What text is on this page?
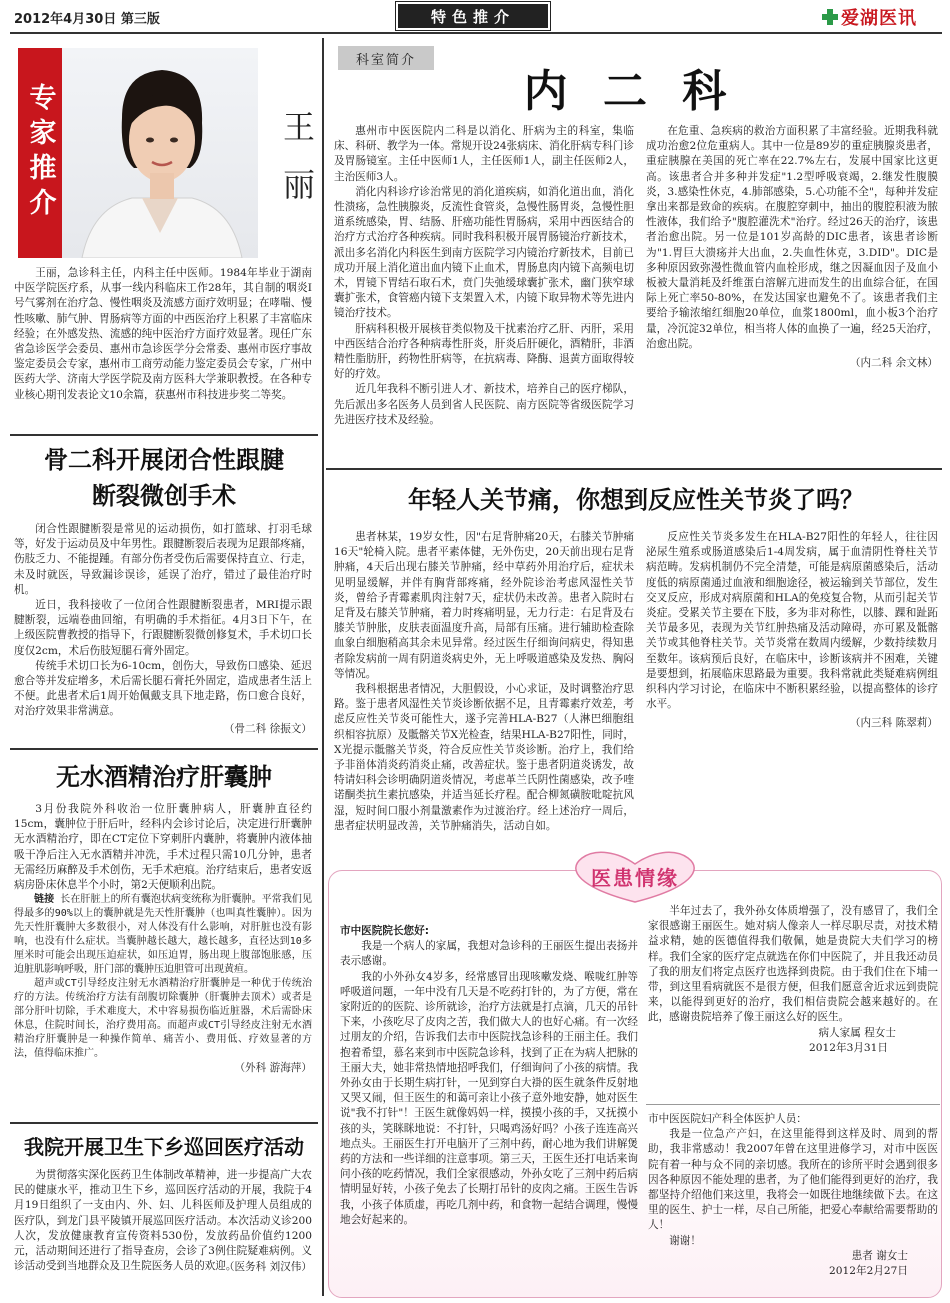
2012年4月30日 第三版	特色推介	爱湖医讯
专家推介	王丽
王丽，急诊科主任，内科主任中医师。1984年毕业于湖南中医学院医疗系，从事一线内科临床工作28年，其自制的咽炎Ⅰ号气雾剂在治疗急、慢性咽炎及流感方面疗效明显；在哮喘、慢性咳嗽、肺气肿、胃肠病等方面的中西医治疗上积累了丰富临床经验；在外感发热、流感的纯中医治疗方面疗效显著。现任广东省急诊医学会委员、惠州市急诊医学分会常委、惠州市医疗事故鉴定委员会专家，惠州市工商劳动能力鉴定委员会专家，广州中医药大学、济南大学医学院及南方医科大学兼职教授。在各种专业核心期刊发表论文10余篇，获惠州市科技进步奖二等奖。
骨二科开展闭合性跟腱
断裂微创手术
闭合性跟腱断裂是常见的运动损伤，如打篮球、打羽毛球等，好发于运动员及中年男性。跟腱断裂后表现为足跟部疼痛，伤肢乏力、不能提踵。有部分伤者受伤后需要保持直立、行走，未及时就医，导致漏诊误诊，延误了治疗，错过了最佳治疗时机。
近日，我科接收了一位闭合性跟腱断裂患者，MRI提示跟腱断裂，远端卷曲回缩，有明确的手术指征。4月3日下午，在上级医院曹教授的指导下，行跟腱断裂微创修复术，手术切口长度仅2cm，术后伤肢短腿石膏外固定。
传统手术切口长为6-10cm，创伤大，导致伤口感染、延迟愈合等并发症增多，术后需长腿石膏托外固定，造成患者生活上不便。此患者术后1周开始佩戴支具下地走路，伤口愈合良好，对治疗效果非常满意。
（骨二科 徐振文）
无水酒精治疗肝囊肿
3月份我院外科收治一位肝囊肿病人，肝囊肿直径约15cm，囊肿位于肝后叶，经科内会诊讨论后，决定进行肝囊肿无水酒精治疗，即在CT定位下穿刺肝内囊肿，将囊肿内液体抽吸干净后注入无水酒精并冲洗，手术过程只需10几分钟，患者无需经历麻醉及手术创伤，无手术疤痕。治疗结束后，患者安返病房卧床休息半个小时，第2天便顺利出院。
链接 长在肝脏上的所有囊泡状病变统称为肝囊肿。平常我们见得最多的90%以上的囊肿就是先天性肝囊肿（也叫真性囊肿）。因为先天性肝囊肿大多数很小，对人体没有什么影响，对肝脏也没有影响，也没有什么症状。当囊肿越长越大，越长越多，直径达到10多厘米时可能会出现压迫症状，如压迫胃，肠出现上腹部饱胀感，压迫脏肌影响呼吸，肝门部的囊肿压迫胆管可出现黄疸。
超声或CT引导经皮注射无水酒精治疗肝囊肿是一种优于传统治疗的方法。传统治疗方法有剖腹切除囊肿（肝囊肿去顶术）或者是部分肝叶切除，手术难度大，术中容易损伤临近脏器，术后需卧床休息，住院时间长，治疗费用高。而超声或CT引导经皮注射无水酒精治疗肝囊肿是一种操作简单、痛苦小、费用低、疗效显著的方法，值得临床推广。
（外科 游海萍）
我院开展卫生下乡巡回医疗活动
为贯彻落实深化医药卫生体制改革精神，进一步提高广大农民的健康水平，推动卫生下乡，巡回医疗活动的开展，我院于4月19日组织了一支由内、外、妇、儿科医师及护理人员组成的医疗队，到龙门县平陵镇开展巡回医疗活动。本次活动义诊200人次，发放健康教育宣传资料530份，发放药品价值约1200元，活动期间还进行了指导查房，会诊了3例住院疑难病例。义诊活动受到当地群众及卫生院医务人员的欢迎。
（医务科 刘汉伟）
科室简介
内 二 科
惠州市中医医院内二科是以消化、肝病为主的科室，集临床、科研、教学为一体。常规开设24张病床、消化肝病专科门诊及胃肠镜室。主任中医师1人，主任医师1人，副主任医师2人，主治医师3人。
消化内科诊疗诊治常见的消化道疾病，如消化道出血，消化性溃疡，急性胰腺炎，反流性食管炎，急慢性肠胃炎，急慢性胆道系统感染，胃、结肠、肝癌功能性胃肠病，采用中西医结合的治疗方式治疗各种疾病。同时我科积极开展胃肠镜治疗新技术，派出多名消化内科医生到南方医院学习内镜治疗新技术，目前已成功开展上消化道出血内镜下止血术，胃肠息肉内镜下高频电切术，胃镜下胃结石取石术，贲门失弛缓球囊扩张术，幽门狭窄球囊扩张术，食管癌内镜下支架置入术，内镜下取异物术等先进内镜治疗技术。
肝病科积极开展核苷类似物及干扰素治疗乙肝、丙肝，采用中西医结合治疗各种病毒性肝炎，肝炎后肝硬化，酒精肝，非酒精性脂肪肝，药物性肝病等，在抗病毒、降酶、退黄方面取得较好的疗效。
近几年我科不断引进人才、新技术，培养自己的医疗梯队，先后派出多名医务人员到省人民医院、南方医院等省级医院学习先进医疗技术及经验。
在危重、急疾病的救治方面积累了丰富经验。近期我科就成功治愈2位危重病人。其中一位是89岁的重症胰腺炎患者，重症胰腺在美国的死亡率在22.7%左右，发展中国家比这更高。该患者合并多种并发症"1.2型呼吸衰竭，2.继发性腹膜炎，3.感染性休克，4.肺部感染，5.心功能不全"，每种并发症拿出来都是致命的疾病。在腹腔穿刺中，抽出的腹腔积液为脓性液体，我们给予"腹腔灌洗术"治疗。经过26天的治疗，该患者治愈出院。另一位是101岁高龄的DIC患者，该患者诊断为"1.胃巨大溃疡并大出血，2.失血性休克，3.DID"。DIC是多种原因致弥漫性微血管内血栓形成，继之因凝血因子及血小板被大量消耗及纤维蛋白溶解亢进而发生的出血综合征，在国际上死亡率50-80%，在发达国家也避免不了。该患者我们主要给予输浓缩红细胞20单位，血浆1800ml，血小板3个治疗量，冷沉淀32单位，相当将人体的血换了一遍，经25天治疗，治愈出院。
（内二科 余文林）
年轻人关节痛，你想到反应性关节炎了吗？
患者林某，19岁女性，因"右足背肿痛20天，右膝关节肿痛16天"轮椅入院。患者平素体健，无外伤史，20天前出现右足背肿痛，4天后出现右膝关节肿痛，经中草药外用治疗后，症状未见明显缓解，并伴有胸背部疼痛，经外院诊治考虑风湿性关节炎，曾给予青霉素肌肉注射7天，症状仍未改善。患者入院时右足背及右膝关节肿痛，着力时疼痛明显，无力行走：右足背及右膝关节肿胀，皮肤表面温度升高，局部有压痛。进行辅助检查除血象白细胞稍高其余未见异常。经过医生仔细询问病史，得知患者除发病前一周有阴道炎病史外，无上呼吸道感染及发热、胸闷等情况。
我科根据患者情况，大胆假设，小心求证，及时调整治疗思路。鉴于患者风湿性关节炎诊断依据不足，且青霉素疗效差，考虑反应性关节炎可能性大，遂予完善HLA-B27（人淋巴细胞组织相容抗原）及骶髂关节X光检查，结果HLA-B27阳性，同时，X光提示骶髂关节炎，符合反应性关节炎诊断。治疗上，我们给予非甾体消炎药消炎止痛，改善症状。鉴于患者阴道炎诱发，故特请妇科会诊明确阴道炎情况，考虑革兰氏阴性菌感染，改予喹诺酮类抗生素抗感染，并适当延长疗程。配合柳氮磺胺吡啶抗风湿，短时间口服小剂量激素作为过渡治疗。经上述治疗一周后，患者症状明显改善，关节肿痛消失，活动自如。
反应性关节炎多发生在HLA-B27阳性的年轻人，往往因泌尿生殖系或肠道感染后1-4周发病，属于血清阴性脊柱关节病范畴。发病机制仍不完全清楚，可能是病原菌感染后，活动度低的病原菌通过血液和细胞途径，被运输到关节部位，发生交叉反应，形成对病原菌和HLA的免疫复合物，从而引起关节炎症。受累关节主要在下肢，多为非对称性，以膝、踝和趾跖关节最多见，表现为关节红肿热痛及活动障碍，亦可累及骶髂关节或其他脊柱关节。关节炎常在数周内缓解，少数持续数月至数年。该病预后良好，在临床中，诊断该病并不困难，关键是要想到，拓展临床思路最为重要。我科常就此类疑难病例组织科内学习讨论，在临床中不断积累经验，以提高整体的诊疗水平。
（内三科 陈翠莉）
医患情缘
市中医院院长您好:
我是一个病人的家属，我想对急诊科的王丽医生提出表扬并表示感谢。
我的小外孙女4岁多，经常感冒出现咳嗽发烧、喉咙红肿等呼吸道问题，一年中没有几天是不吃药打针的，为了方便，常在家附近的的医院、诊所就诊，治疗方法就是打点滴，几天的吊针下来，小孩吃尽了皮肉之苦，我们做大人的也好心痛。有一次经过朋友的介绍，告诉我们去市中医院找急诊科的王丽主任。我们抱着希望，慕名来到市中医院急诊科，找到了正在为病人把脉的王丽大夫，她非常热情地招呼我们，仔细询问了小孩的病情。我外孙女由于长期生病打针，一见到穿白大褂的医生就条件反射地又哭又闹，但王医生的和蔼可亲让小孩子意外地安静，她对医生说"我不打针"！王医生就像妈妈一样，摸摸小孩的手，又抚摸小孩的头，笑眯眯地说：不打针，只喝鸡汤好吗？小孩子连连高兴地点头。王丽医生打开电脑开了三剂中药，耐心地为我们讲解煲药的方法和一些详细的注意事项。第三天，王医生还打电话来询问小孩的吃药情况，我们全家很感动，外孙女吃了三剂中药后病情明显好转，小孩子免去了长期打吊针的皮肉之痛。王医生告诉我，小孩子体质虚，再吃几剂中药，和食物一起结合调理，慢慢地会好起来的。
半年过去了，我外孙女体质增强了，没有感冒了，我们全家很感谢王丽医生。她对病人像亲人一样尽职尽责，对技术精益求精，她的医德值得我们敬佩，她是贵院大夫们学习的榜样。我们全家的医疗定点就选在你们中医院了，并且我还动员了我的朋友们将定点医疗也选择到贵院。由于我们住在下埔一带，到这里看病就医不是很方便，但我们愿意舍近求远到贵院来，以能得到更好的治疗，我们相信贵院会越来越好的。在此，感谢贵院培养了像王丽这么好的医生。
病人家属 程女士
2012年3月31日
市中医医院妇产科全体医护人员：
我是一位急产产妇，在这里能得到这样及时、周到的帮助，我非常感动！我2007年曾在这里进修学习，对市中医医院有着一种与众不同的亲切感。我所在的诊所平时会遇到很多因各种原因不能处理的患者，为了他们能得到更好的治疗，我都坚持介绍他们来这里，我将会一如既往地继续做下去。在这里的医生、护士一样，尽自己所能，把爱心奉献给需要帮助的人！
谢谢！
患者 谢女士
2012年2月27日
